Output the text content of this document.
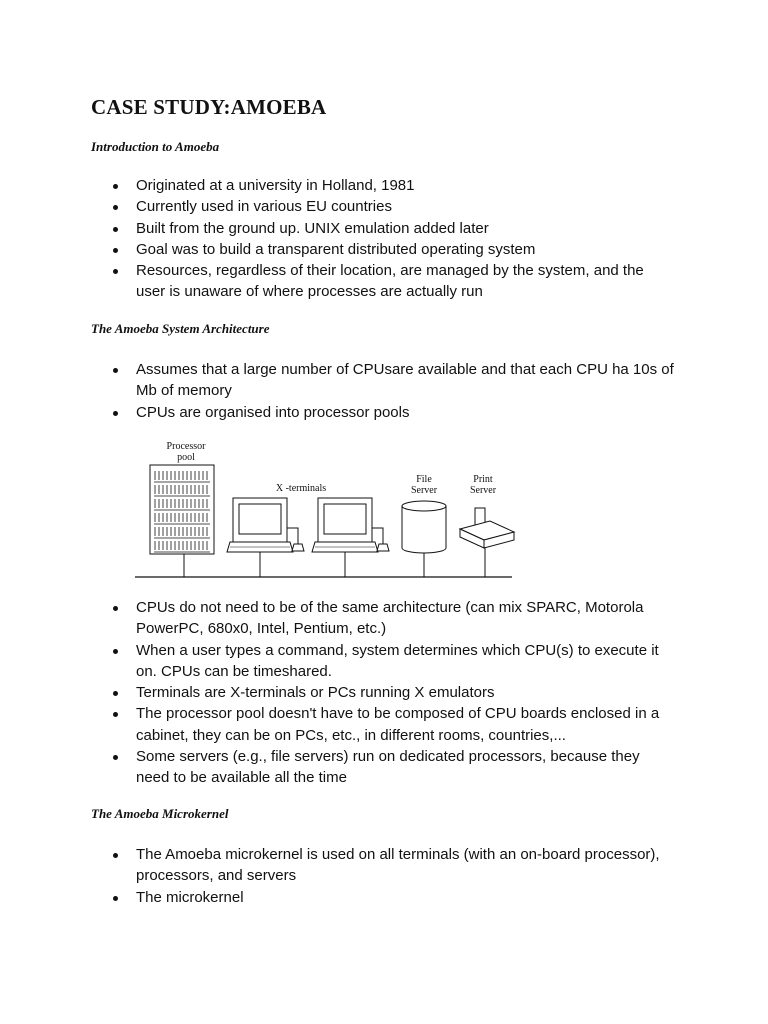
CASE STUDY:AMOEBA
Introduction to Amoeba
Originated at a university in Holland, 1981
Currently used in various EU countries
Built from the ground up. UNIX emulation added later
Goal was to build a transparent distributed operating system
Resources, regardless of their location, are managed by the system, and the user is unaware of where processes are actually run
The Amoeba System Architecture
Assumes that a large number of CPUsare available and that each CPU ha 10s of Mb of memory
CPUs are organised into processor pools
Processor
pool
X -terminals
File
Server
Print
Server
CPUs do not need to be of the same architecture (can mix SPARC, Motorola PowerPC, 680x0, Intel, Pentium, etc.)
When a user types a command, system determines which CPU(s) to execute it on. CPUs can be timeshared.
Terminals are X-terminals or PCs running X emulators
The processor pool doesn't have to be composed of CPU boards enclosed in a cabinet, they can be on PCs, etc., in different rooms, countries,...
Some servers (e.g., file servers) run on dedicated processors, because they need to be available all the time
The Amoeba Microkernel
The Amoeba microkernel is used on all terminals (with an on-board processor), processors, and servers
The microkernel
